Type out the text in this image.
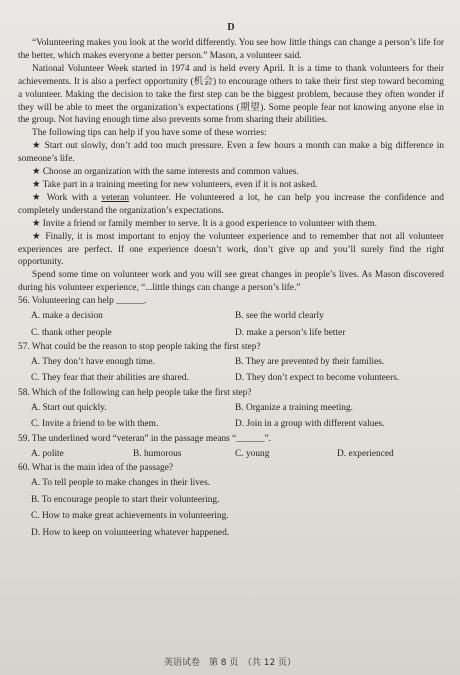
D

“Volunteering makes you look at the world differently. You see how little things can change a person’s life for the better, which makes everyone a better person.” Mason, a volunteer said.

National Volunteer Week started in 1974 and is held every April. It is a time to thank volunteers for their achievements. It is also a perfect opportunity (机会) to encourage others to take their first step toward becoming a volunteer. Making the decision to take the first step can be the biggest problem, because they often wonder if they will be able to meet the organization’s expectations (期望). Some people fear not knowing anyone else in the group. Not having enough time also prevents some from sharing their abilities.

The following tips can help if you have some of these worries:

★ Start out slowly, don’t add too much pressure. Even a few hours a month can make a big difference in someone’s life.

★ Choose an organization with the same interests and common values.

★ Take part in a training meeting for new volunteers, even if it is not asked.

★ Work with a veteran volunteer. He volunteered a lot, he can help you increase the confidence and completely understand the organization’s expectations.

★ Invite a friend or family member to serve. It is a good experience to volunteer with them.

★ Finally, it is most important to enjoy the volunteer experience and to remember that not all volunteer experiences are perfect. If one experience doesn’t work, don’t give up and you’ll surely find the right opportunity.

Spend some time on volunteer work and you will see great changes in people’s lives. As Mason discovered during his volunteer experience, “...little things can change a person’s life.”

56. Volunteering can help ______.

A. make a decision	B. see the world clearly
C. thank other people	D. make a person’s life better

57. What could be the reason to stop people taking the first step?

A. They don’t have enough time.	B. They are prevented by their families.
C. They fear that their abilities are shared.	D. They don’t expect to become volunteers.

58. Which of the following can help people take the first step?

A. Start out quickly.	B. Organize a training meeting.
C. Invite a friend to be with them.	D. Join in a group with different values.

59. The underlined word “veteran” in the passage means “______”.

A. polite	B. humorous	C. young	D. experienced

60. What is the main idea of the passage?

A. To tell people to make changes in their lives.
B. To encourage people to start their volunteering.
C. How to make great achievements in volunteering.
D. How to keep on volunteering whatever happened.
英语试卷　第 8 页　（共 12 页）
